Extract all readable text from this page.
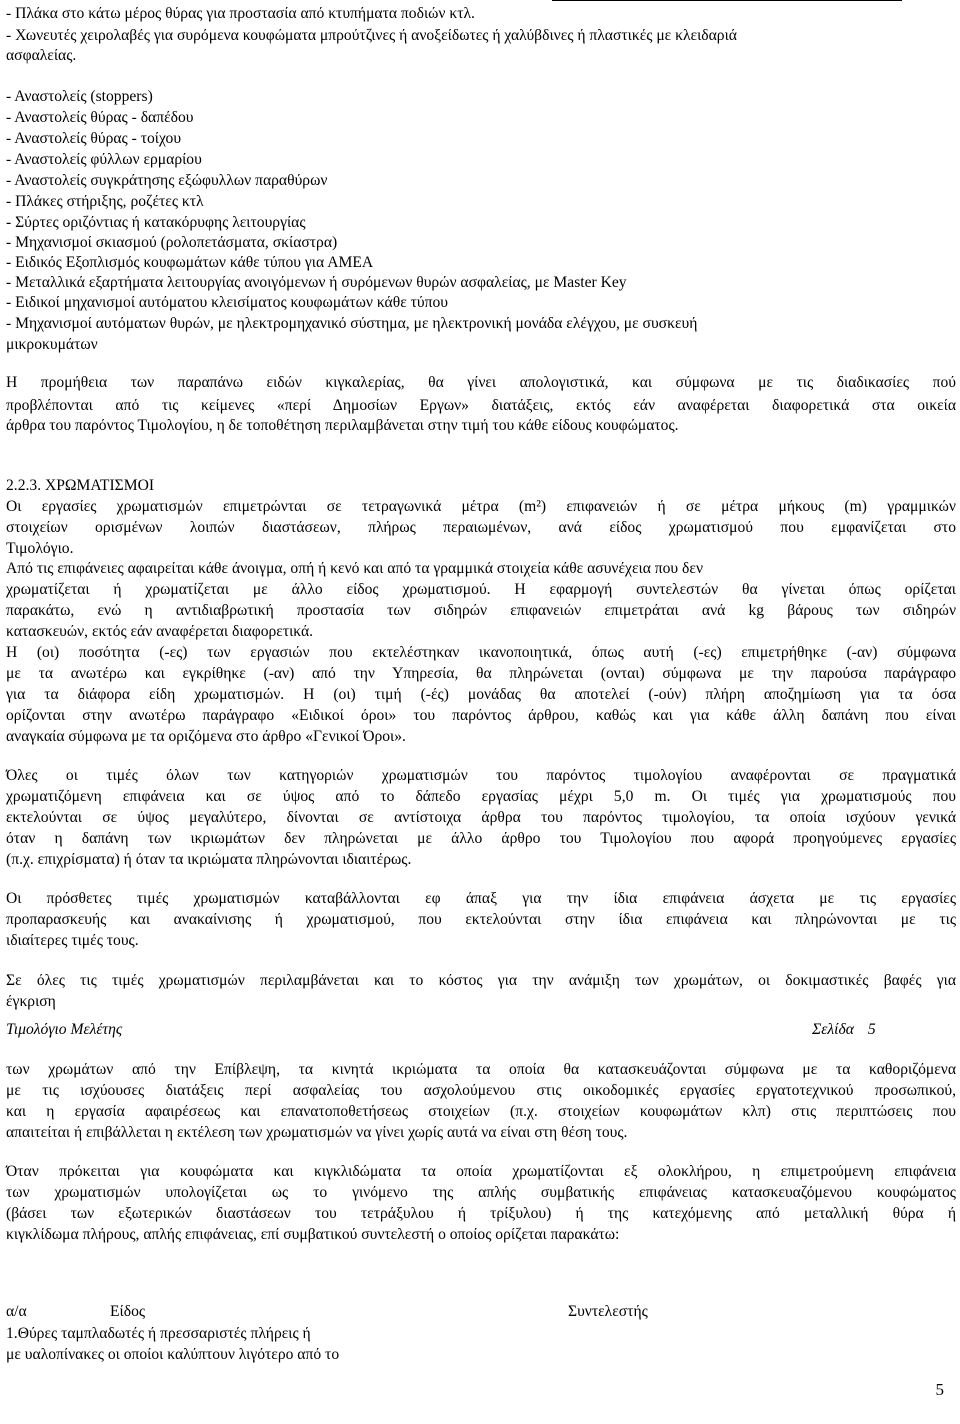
- Πλάκα στο κάτω μέρος θύρας για προστασία από κτυπήματα ποδιών κτλ.
- Χωνευτές χειρολαβές για συρόμενα κουφώματα μπρούτζινες ή ανοξείδωτες ή χαλύβδινες ή πλαστικές με κλειδαριά
ασφαλείας.
- Αναστολείς (stoppers)
- Αναστολείς θύρας - δαπέδου
- Αναστολείς θύρας - τοίχου
- Αναστολείς φύλλων ερμαρίου
- Αναστολείς συγκράτησης εξώφυλλων παραθύρων
- Πλάκες στήριξης, ροζέτες κτλ
- Σύρτες οριζόντιας ή κατακόρυφης λειτουργίας
- Μηχανισμοί σκιασμού (ρολοπετάσματα, σκίαστρα)
- Ειδικός Εξοπλισμός κουφωμάτων κάθε τύπου για ΑΜΕΑ
- Μεταλλικά εξαρτήματα λειτουργίας ανοιγόμενων ή συρόμενων θυρών ασφαλείας, με Master Key
- Ειδικοί μηχανισμοί αυτόματου κλεισίματος κουφωμάτων κάθε τύπου
- Μηχανισμοί αυτόματων θυρών, με ηλεκτρομηχανικό σύστημα, με ηλεκτρονική μονάδα ελέγχου, με συσκευή
μικροκυμάτων
Η προμήθεια των παραπάνω ειδών κιγκαλερίας, θα γίνει απολογιστικά, και σύμφωνα με τις διαδικασίες πού
προβλέπονται από τις κείμενες «περί Δημοσίων Εργων» διατάξεις, εκτός εάν αναφέρεται διαφορετικά στα οικεία
άρθρα του παρόντος Τιμολογίου, η δε τοποθέτηση περιλαμβάνεται στην τιμή του κάθε είδους κουφώματος.
2.2.3. ΧΡΩΜΑΤΙΣΜΟΙ
Οι εργασίες χρωματισμών επιμετρώνται σε τετραγωνικά μέτρα (m²) επιφανειών ή σε μέτρα μήκους (m) γραμμικών
στοιχείων ορισμένων λοιπών διαστάσεων, πλήρως περαιωμένων, ανά είδος χρωματισμού που εμφανίζεται στο
Τιμολόγιο.
Από τις επιφάνειες αφαιρείται κάθε άνοιγμα, οπή ή κενό και από τα γραμμικά στοιχεία κάθε ασυνέχεια που δεν
χρωματίζεται ή χρωματίζεται με άλλο είδος χρωματισμού. Η εφαρμογή συντελεστών θα γίνεται όπως ορίζεται
παρακάτω, ενώ η αντιδιαβρωτική προστασία των σιδηρών επιφανειών επιμετράται ανά kg βάρους των σιδηρών
κατασκευών, εκτός εάν αναφέρεται διαφορετικά.
Η (οι) ποσότητα (-ες) των εργασιών που εκτελέστηκαν ικανοποιητικά, όπως αυτή (-ες) επιμετρήθηκε (-αν) σύμφωνα
με τα ανωτέρω και εγκρίθηκε (-αν) από την Υπηρεσία, θα πληρώνεται (ονται) σύμφωνα με την παρούσα παράγραφο
για τα διάφορα είδη χρωματισμών. Η (οι) τιμή (-ές) μονάδας θα αποτελεί (-ούν) πλήρη αποζημίωση για τα όσα
ορίζονται στην ανωτέρω παράγραφο «Ειδικοί όροι» του παρόντος άρθρου, καθώς και για κάθε άλλη δαπάνη που είναι
αναγκαία σύμφωνα με τα οριζόμενα στο άρθρο «Γενικοί Όροι».
Όλες οι τιμές όλων των κατηγοριών χρωματισμών του παρόντος τιμολογίου αναφέρονται σε πραγματικά
χρωματιζόμενη επιφάνεια και σε ύψος από το δάπεδο εργασίας μέχρι 5,0 m. Οι τιμές για χρωματισμούς που
εκτελούνται σε ύψος μεγαλύτερο, δίνονται σε αντίστοιχα άρθρα του παρόντος τιμολογίου, τα οποία ισχύουν γενικά
όταν η δαπάνη των ικριωμάτων δεν πληρώνεται με άλλο άρθρο του Τιμολογίου που αφορά προηγούμενες εργασίες
(π.χ. επιχρίσματα) ή όταν τα ικριώματα πληρώνονται ιδιαιτέρως.
Οι πρόσθετες τιμές χρωματισμών καταβάλλονται εφ άπαξ για την ίδια επιφάνεια άσχετα με τις εργασίες
προπαρασκευής και ανακαίνισης ή χρωματισμού, που εκτελούνται στην ίδια επιφάνεια και πληρώνονται με τις
ιδιαίτερες τιμές τους.
Σε όλες τις τιμές χρωματισμών περιλαμβάνεται και το κόστος για την ανάμιξη των χρωμάτων, οι δοκιμαστικές βαφές για
έγκριση
Τιμολόγιο Μελέτης	Σελίδα 5
των χρωμάτων από την Επίβλεψη, τα κινητά ικριώματα τα οποία θα κατασκευάζονται σύμφωνα με τα καθοριζόμενα
με τις ισχύουσες διατάξεις περί ασφαλείας του ασχολούμενου στις οικοδομικές εργασίες εργατοτεχνικού προσωπικού,
και η εργασία αφαιρέσεως και επανατοποθετήσεως στοιχείων (π.χ. στοιχείων κουφωμάτων κλπ) στις περιπτώσεις που
απαιτείται ή επιβάλλεται η εκτέλεση των χρωματισμών να γίνει χωρίς αυτά να είναι στη θέση τους.
Όταν πρόκειται για κουφώματα και κιγκλιδώματα τα οποία χρωματίζονται εξ ολοκλήρου, η επιμετρούμενη επιφάνεια
των χρωματισμών υπολογίζεται ως το γινόμενο της απλής συμβατικής επιφάνειας κατασκευαζόμενου κουφώματος
(βάσει των εξωτερικών διαστάσεων του τετράξυλου ή τρίξυλου) ή της κατεχόμενης από μεταλλική θύρα ή
κιγκλίδωμα πλήρους, απλής επιφάνειας, επί συμβατικού συντελεστή ο οποίος ορίζεται παρακάτω:
α/α	Είδος	Συντελεστής
1.Θύρες ταμπλαδωτές ή πρεσσαριστές πλήρεις ή
με υαλοπίνακες οι οποίοι καλύπτουν λιγότερο από το
5
